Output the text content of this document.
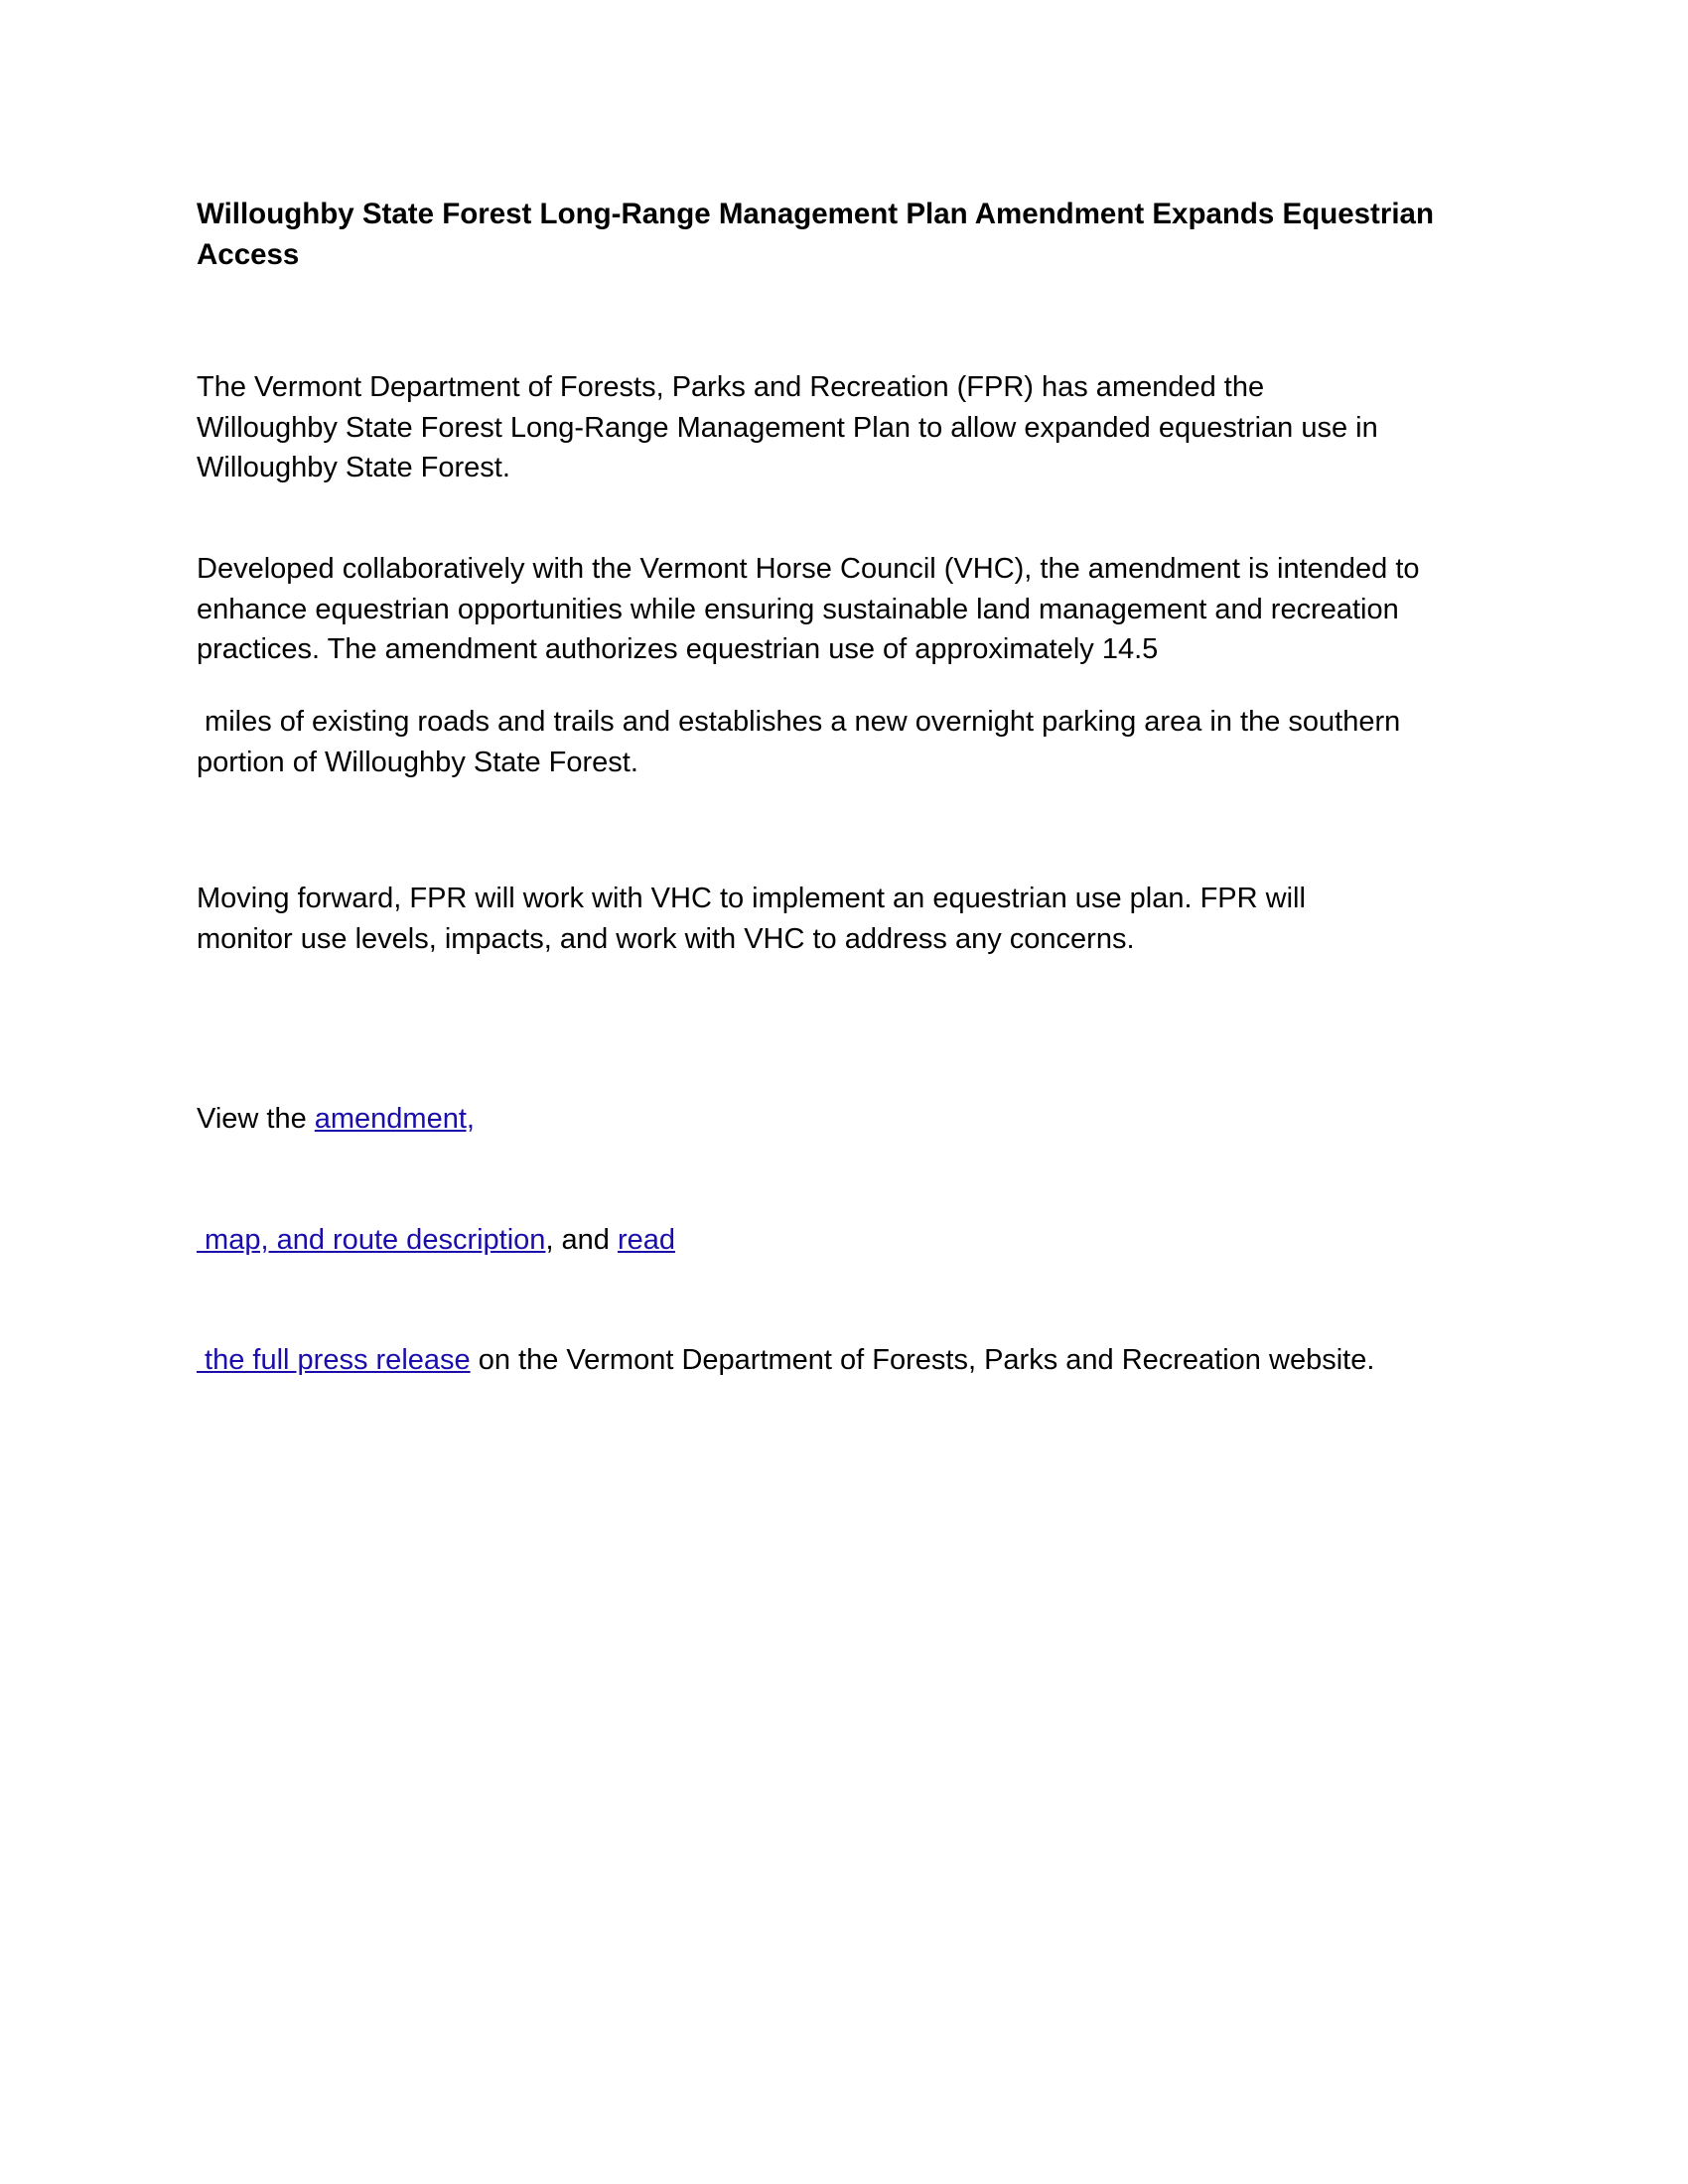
Willoughby State Forest Long-Range Management Plan Amendment Expands Equestrian
Access

The Vermont Department of Forests, Parks and Recreation (FPR) has amended the
Willoughby State Forest Long-Range Management Plan to allow expanded equestrian use in
Willoughby State Forest.

Developed collaboratively with the Vermont Horse Council (VHC), the amendment is intended to
enhance equestrian opportunities while ensuring sustainable land management and recreation
practices. The amendment authorizes equestrian use of approximately 14.5

miles of existing roads and trails and establishes a new overnight parking area in the southern
portion of Willoughby State Forest.

Moving forward, FPR will work with VHC to implement an equestrian use plan. FPR will
monitor use levels, impacts, and work with VHC to address any concerns.

View the amendment,

map, and route description, and read

the full press release on the Vermont Department of Forests, Parks and Recreation website.
